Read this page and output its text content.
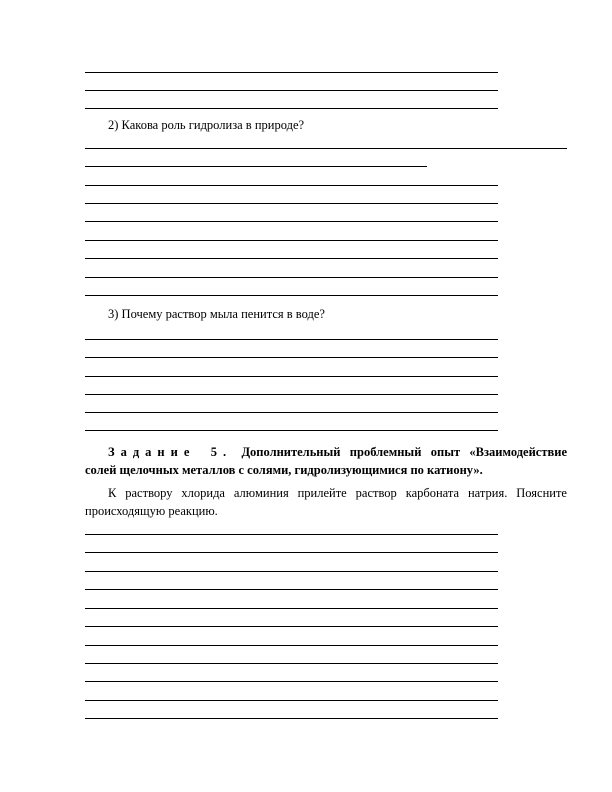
2) Какова роль гидролиза в природе?
3) Почему раствор мыла пенится в воде?
Задание 5. Дополнительный проблемный опыт «Взаимодействие солей щелочных металлов с солями, гидролизующимися по катиону».
К раствору хлорида алюминия прилейте раствор карбоната натрия. Поясните происходящую реакцию.
